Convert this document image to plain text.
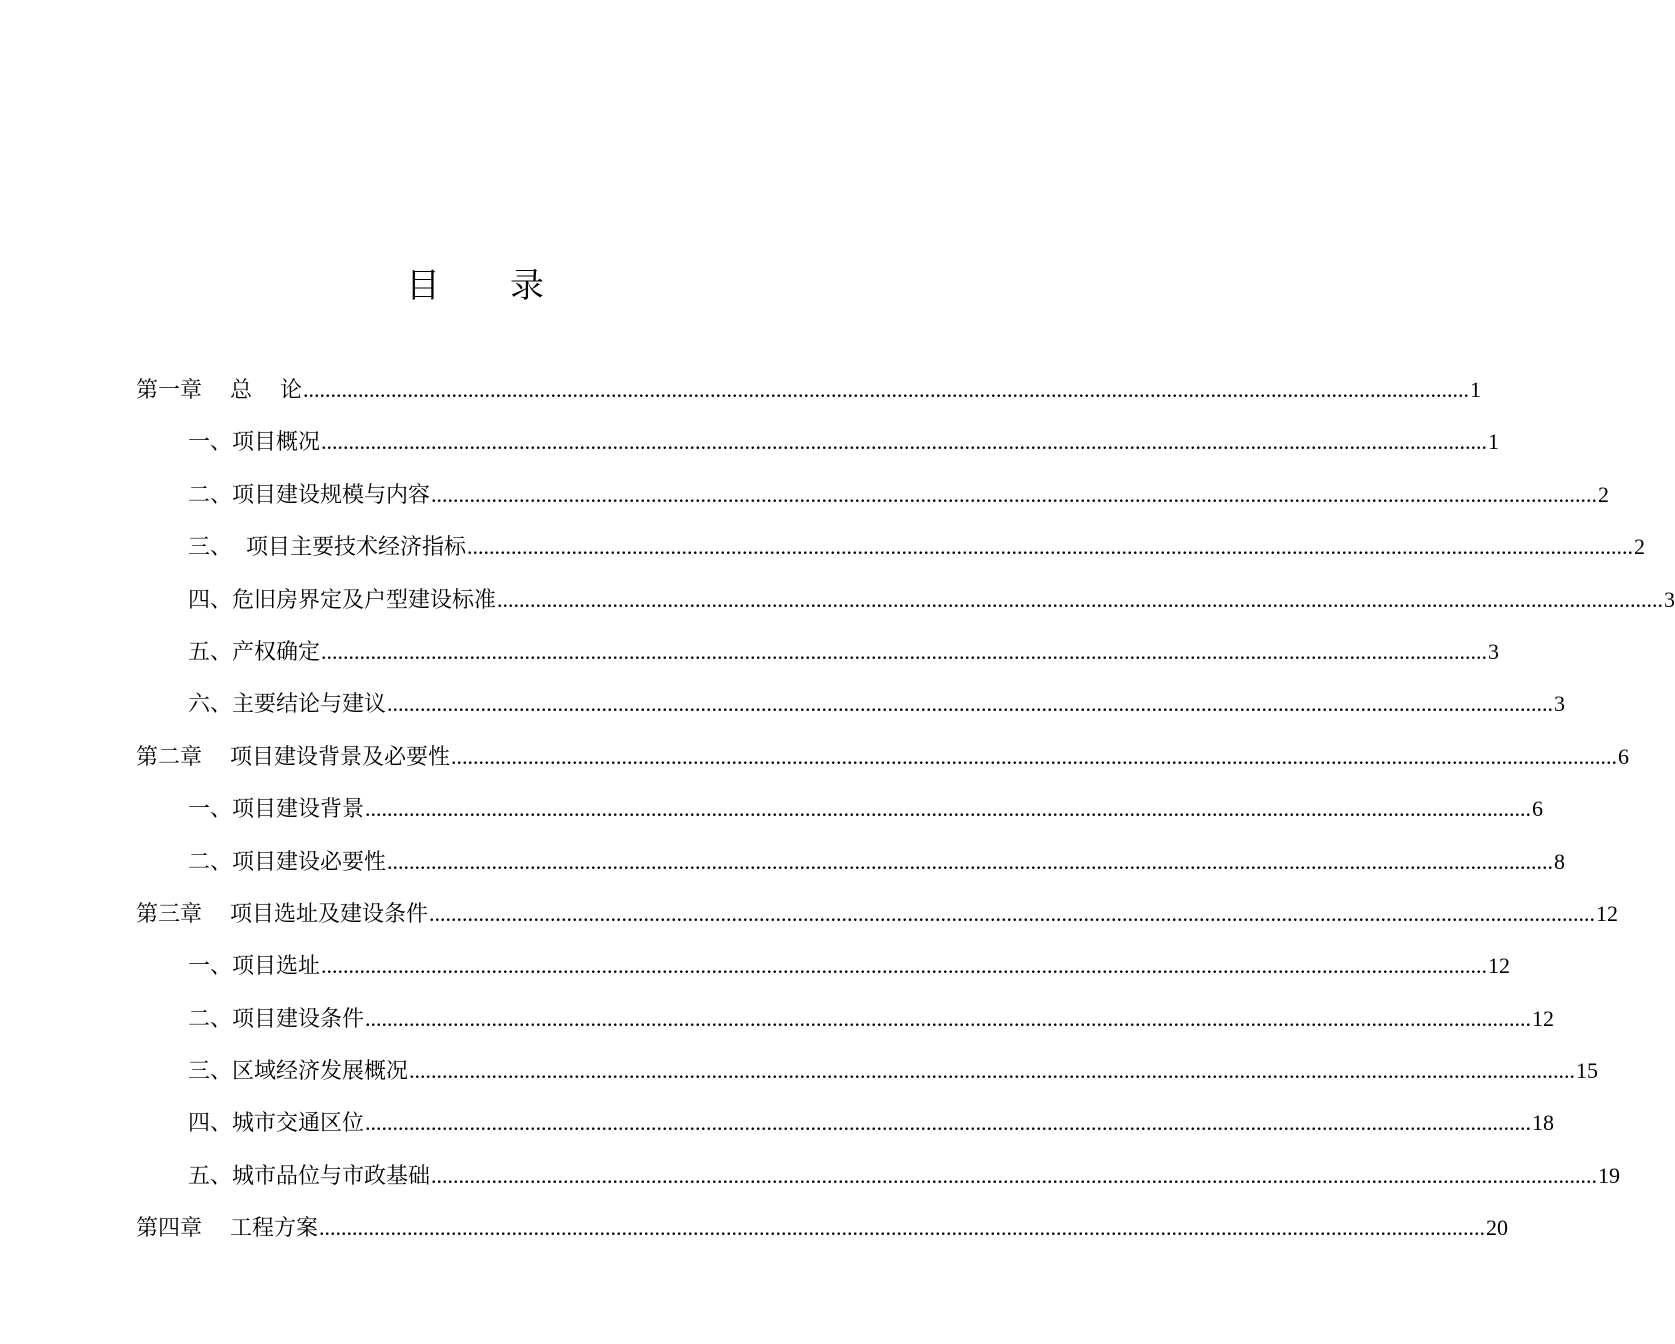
目 录
第一章    总    论 .................................................................................................................................................................................................................... 1
一、项目概况 .................................................................................................................................................................................................................... 1
二、项目建设规模与内容 .................................................................................................................................................................................................................... 2
三、  项目主要技术经济指标 .................................................................................................................................................................................................................... 2
四、危旧房界定及户型建设标准 .................................................................................................................................................................................................................... 3
五、产权确定 .................................................................................................................................................................................................................... 3
六、主要结论与建议 .................................................................................................................................................................................................................... 3
第二章    项目建设背景及必要性 .................................................................................................................................................................................................................... 6
一、项目建设背景 .................................................................................................................................................................................................................... 6
二、项目建设必要性 .................................................................................................................................................................................................................... 8
第三章    项目选址及建设条件 .................................................................................................................................................................................................................... 12
一、项目选址 .................................................................................................................................................................................................................... 12
二、项目建设条件 .................................................................................................................................................................................................................... 12
三、区域经济发展概况 .................................................................................................................................................................................................................... 15
四、城市交通区位 .................................................................................................................................................................................................................... 18
五、城市品位与市政基础 .................................................................................................................................................................................................................... 19
第四章    工程方案 .................................................................................................................................................................................................................... 20
